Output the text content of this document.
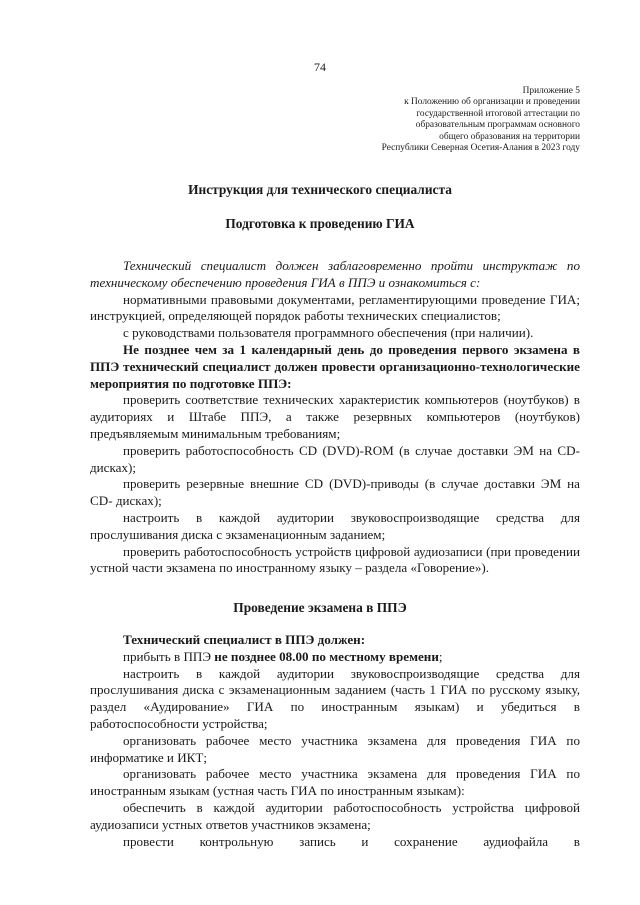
74
Приложение 5
к Положению об организации и проведении
государственной итоговой аттестации по
образовательным программам основного
общего образования на территории
Республики Северная Осетия-Алания в 2023 году
Инструкция для технического специалиста
Подготовка к проведению ГИА

Технический специалист должен заблаговременно пройти инструктаж по техническому обеспечению проведения ГИА в ППЭ и ознакомиться с:

нормативными правовыми документами, регламентирующими проведение ГИА; инструкцией, определяющей порядок работы технических специалистов;

с руководствами пользователя программного обеспечения (при наличии).

Не позднее чем за 1 календарный день до проведения первого экзамена в ППЭ технический специалист должен провести организационно-технологические мероприятия по подготовке ППЭ:

проверить соответствие технических характеристик компьютеров (ноутбуков) в аудиториях и Штабе ППЭ, а также резервных компьютеров (ноутбуков) предъявляемым минимальным требованиям;

проверить работоспособность CD (DVD)-ROM (в случае доставки ЭМ на CD- дисках);

проверить резервные внешние CD (DVD)-приводы (в случае доставки ЭМ на CD- дисках);

настроить в каждой аудитории звуковоспроизводящие средства для прослушивания диска с экзаменационным заданием;

проверить работоспособность устройств цифровой аудиозаписи (при проведении устной части экзамена по иностранному языку – раздела «Говорение»).

Проведение экзамена в ППЭ

Технический специалист в ППЭ должен:

прибыть в ППЭ не позднее 08.00 по местному времени;

настроить в каждой аудитории звуковоспроизводящие средства для прослушивания диска с экзаменационным заданием (часть 1 ГИА по русскому языку, раздел «Аудирование» ГИА по иностранным языкам) и убедиться в работоспособности устройства;

организовать рабочее место участника экзамена для проведения ГИА по информатике и ИКТ;

организовать рабочее место участника экзамена для проведения ГИА по иностранным языкам (устная часть ГИА по иностранным языкам):

обеспечить в каждой аудитории работоспособность устройства цифровой аудиозаписи устных ответов участников экзамена;

провести контрольную запись и сохранение аудиофайла в
